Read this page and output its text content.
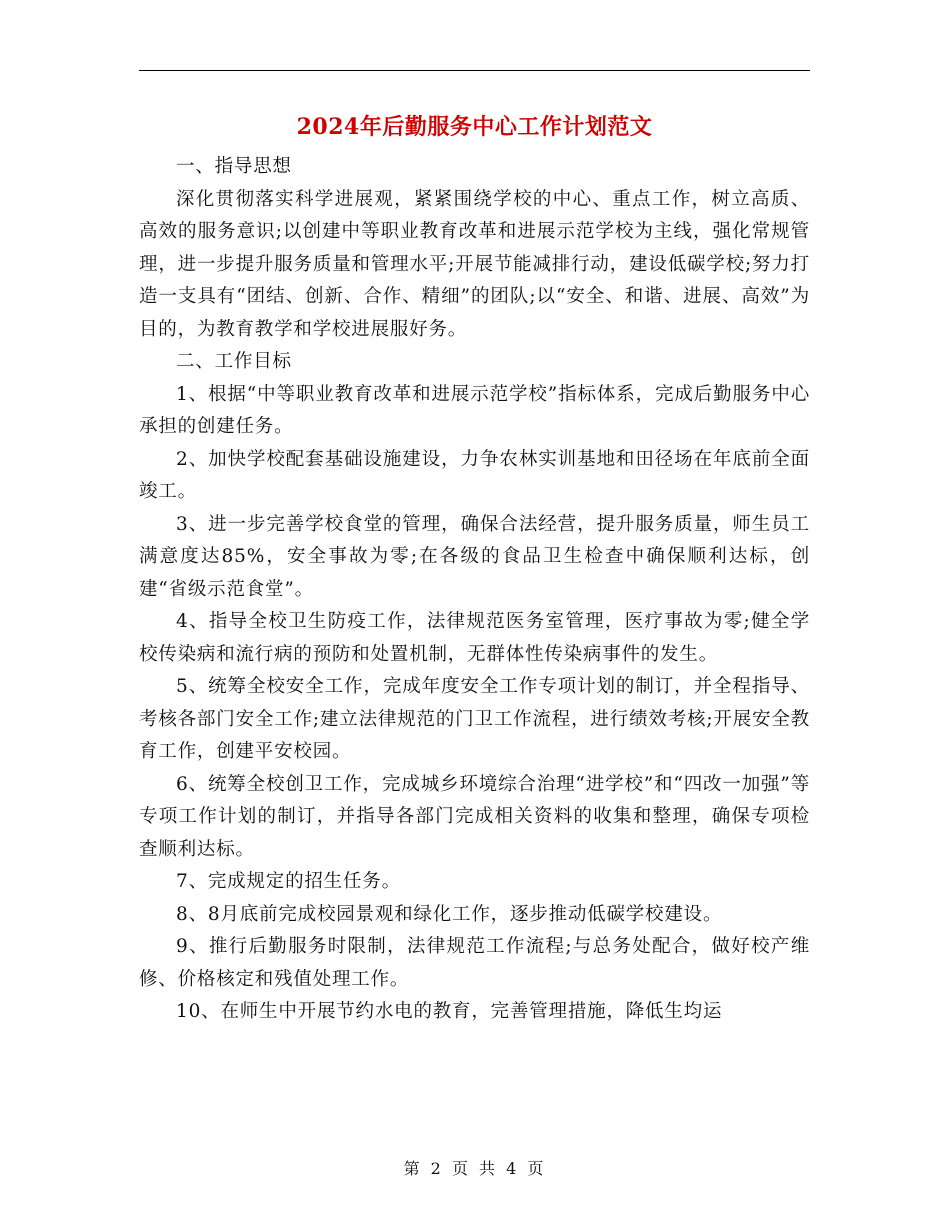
2024年后勤服务中心工作计划范文

一、指导思想

深化贯彻落实科学进展观，紧紧围绕学校的中心、重点工作，树立高质、高效的服务意识;以创建中等职业教育改革和进展示范学校为主线，强化常规管理，进一步提升服务质量和管理水平;开展节能减排行动，建设低碳学校;努力打造一支具有“团结、创新、合作、精细”的团队;以“安全、和谐、进展、高效”为目的，为教育教学和学校进展服好务。

二、工作目标

1、根据“中等职业教育改革和进展示范学校”指标体系，完成后勤服务中心承担的创建任务。

2、加快学校配套基础设施建设，力争农林实训基地和田径场在年底前全面竣工。

3、进一步完善学校食堂的管理，确保合法经营，提升服务质量，师生员工满意度达85%，安全事故为零;在各级的食品卫生检查中确保顺利达标，创建“省级示范食堂”。

4、指导全校卫生防疫工作，法律规范医务室管理，医疗事故为零;健全学校传染病和流行病的预防和处置机制，无群体性传染病事件的发生。

5、统筹全校安全工作，完成年度安全工作专项计划的制订，并全程指导、考核各部门安全工作;建立法律规范的门卫工作流程，进行绩效考核;开展安全教育工作，创建平安校园。

6、统筹全校创卫工作，完成城乡环境综合治理“进学校”和“四改一加强”等专项工作计划的制订，并指导各部门完成相关资料的收集和整理，确保专项检查顺利达标。

7、完成规定的招生任务。

8、8月底前完成校园景观和绿化工作，逐步推动低碳学校建设。

9、推行后勤服务时限制，法律规范工作流程;与总务处配合，做好校产维修、价格核定和残值处理工作。

10、在师生中开展节约水电的教育，完善管理措施，降低生均运

第 2 页 共 4 页
